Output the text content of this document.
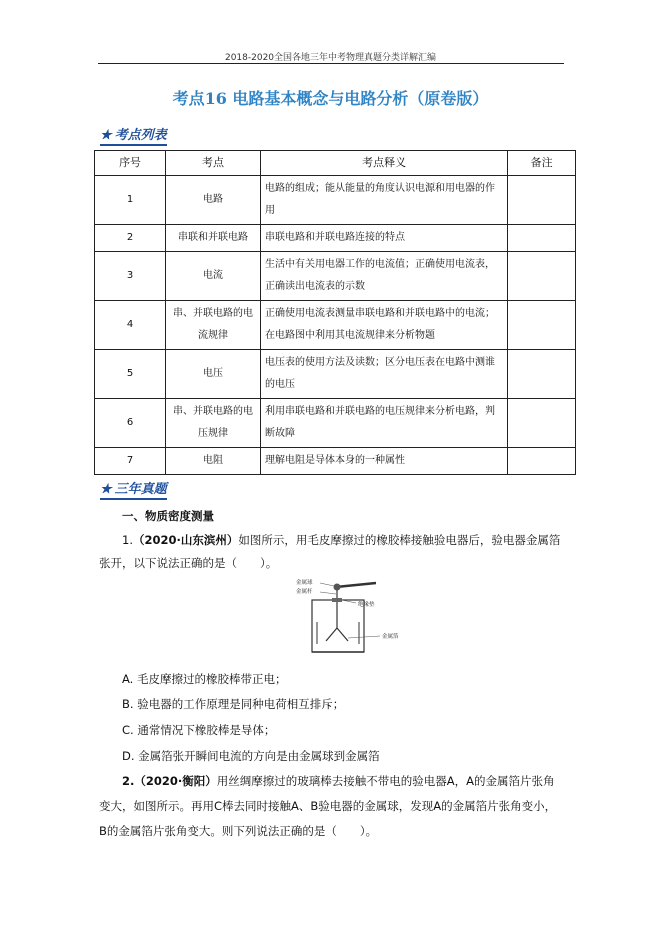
2018-2020全国各地三年中考物理真题分类详解汇编
考点16 电路基本概念与电路分析（原卷版）
★ 考点列表
序号	考点	考点释义	备注
1	电路	电路的组成；能从能量的角度认识电源和用电器的作用	
2	串联和并联电路	串联电路和并联电路连接的特点	
3	电流	生活中有关用电器工作的电流值；正确使用电流表，正确读出电流表的示数	
4	串、并联电路的电流规律	正确使用电流表测量串联电路和并联电路中的电流；在电路图中利用其电流规律来分析物题	
5	电压	电压表的使用方法及读数；区分电压表在电路中测谁的电压	
6	串、并联电路的电压规律	利用串联电路和并联电路的电压规律来分析电路，判断故障	
7	电阻	理解电阻是导体本身的一种属性	
★ 三年真题
一、物质密度测量
1.（2020·山东滨州）如图所示，用毛皮摩擦过的橡胶棒接触验电器后，验电器金属箔
张开，以下说法正确的是（　　）。
金属球
金属杆
绝缘垫
金属箔
A. 毛皮摩擦过的橡胶棒带正电；
B. 验电器的工作原理是同种电荷相互排斥；
C. 通常情况下橡胶棒是导体；
D. 金属箔张开瞬间电流的方向是由金属球到金属箔
2.（2020·衡阳）用丝绸摩擦过的玻璃棒去接触不带电的验电器A，A的金属箔片张角
变大，如图所示。再用C棒去同时接触A、B验电器的金属球，发现A的金属箔片张角变小，
B的金属箔片张角变大。则下列说法正确的是（　　）。
